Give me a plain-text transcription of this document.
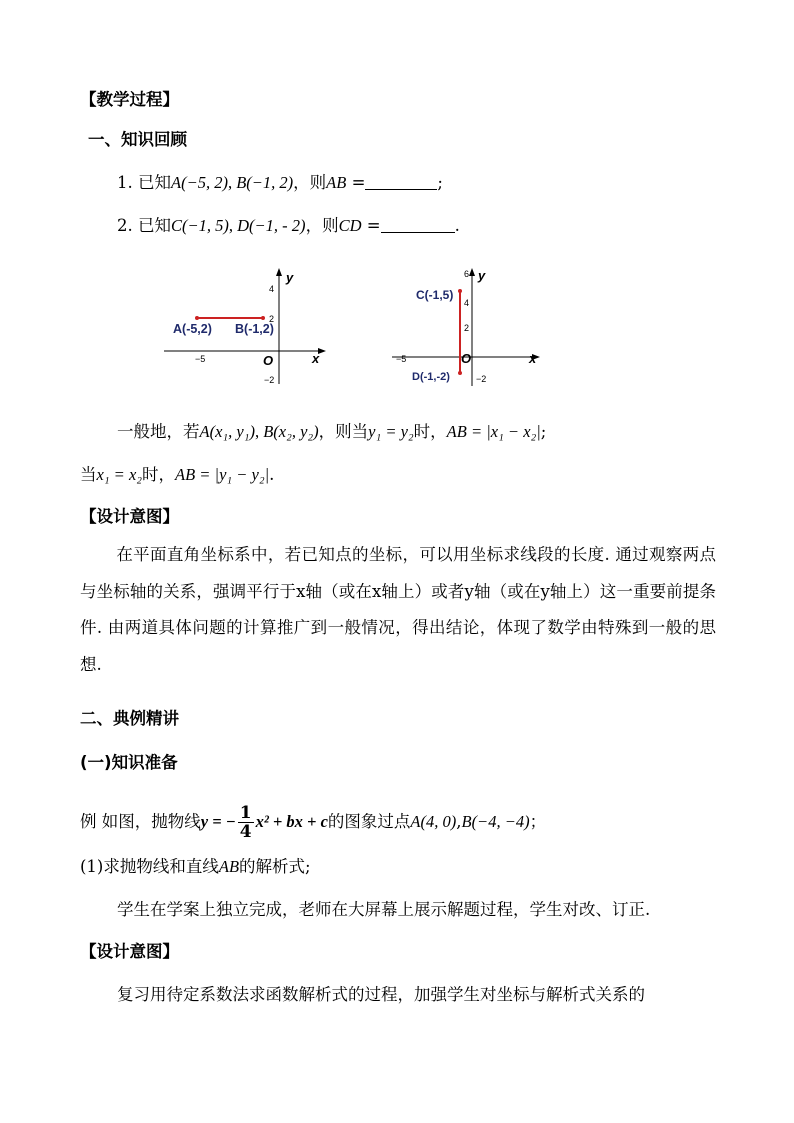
【教学过程】
一、知识回顾
1. 已知A(−5, 2), B(−1, 2)，则AB =	;
2. 已知C(−1, 5), D(−1, - 2)，则CD =	.
y
x
O
−5
4
2
−2
A(-5,2) B(-1,2)
y
x
O
−5
6
4
2
−2
C(-1,5)
D(-1,-2)
一般地，若A(x₁, y₁), B(x₂, y₂)，则当y₁ = y₂时，AB = |x₁ − x₂|;
当x₁ = x₂时，AB = |y₁ − y₂|.
【设计意图】
在平面直角坐标系中，若已知点的坐标，可以用坐标求线段的长度. 通过观察两点与坐标轴的关系，强调平行于x轴（或在x轴上）或者y轴（或在y轴上）这一重要前提条件. 由两道具体问题的计算推广到一般情况，得出结论，体现了数学由特殊到一般的思想.
二、典例精讲
(一)知识准备
例 如图，抛物线y = − $\frac{1}{4} x^2$ + bx + c的图象过点A(4, 0),B(−4, −4)；
(1)求抛物线和直线AB的解析式;
学生在学案上独立完成，老师在大屏幕上展示解题过程，学生对改、订正.
【设计意图】
复习用待定系数法求函数解析式的过程，加强学生对坐标与解析式关系的
